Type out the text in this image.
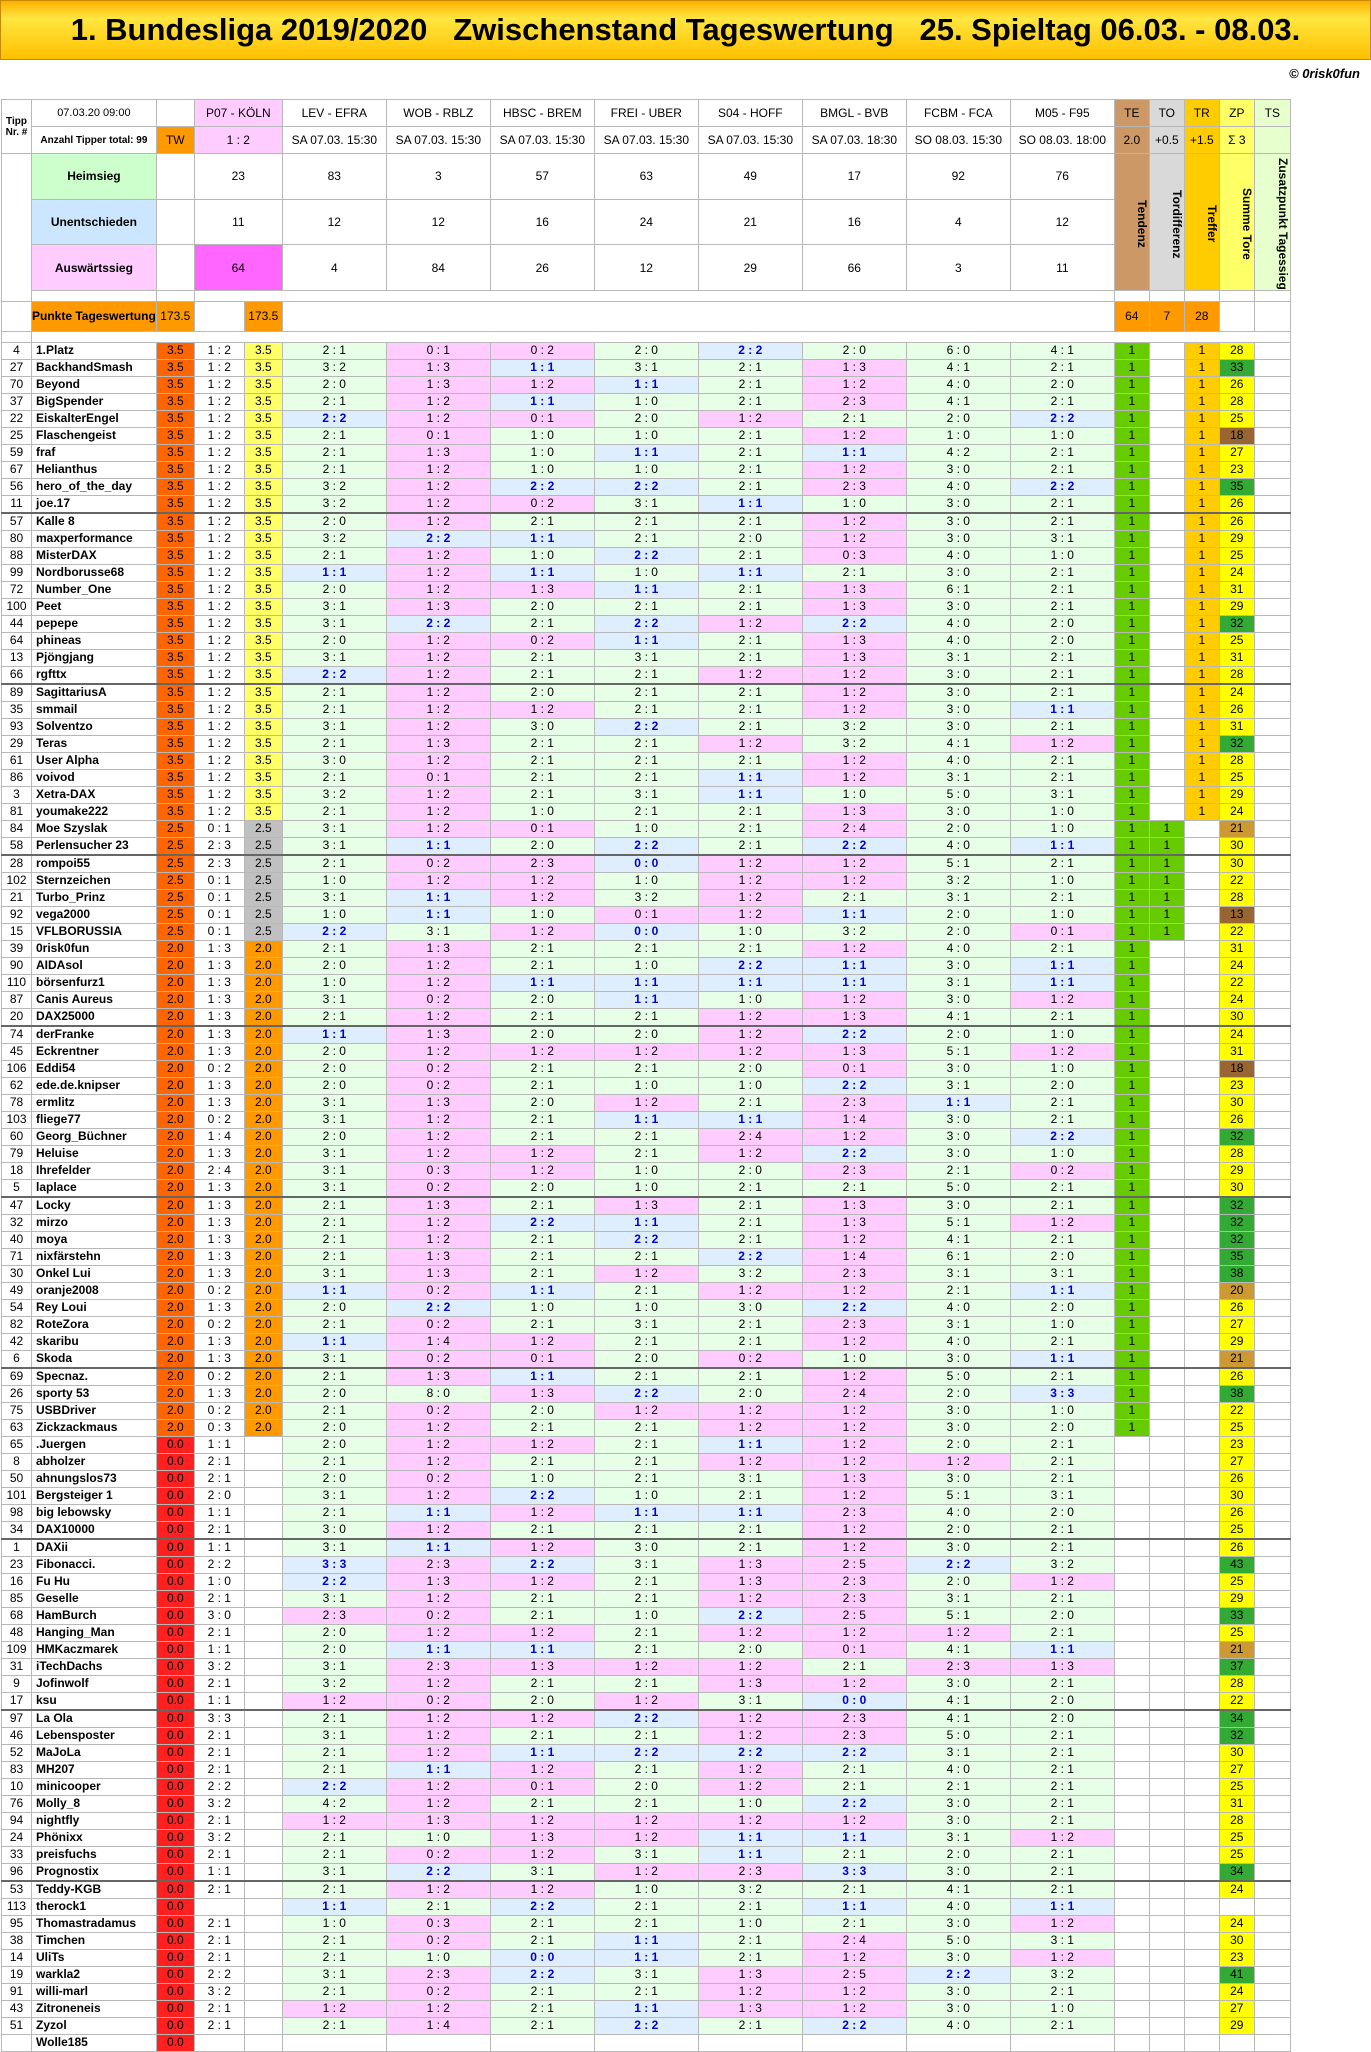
1. Bundesliga 2019/2020   Zwischenstand Tageswertung   25. Spieltag 06.03. - 08.03.
© 0risk0fun
Tipp Nr. #	07.03.20 09:00		P07 - KÖLN		LEV - EFRA	WOB - RBLZ	HBSC - BREM	FREI - UBER	S04 - HOFF	BMGL - BVB	FCBM - FCA	M05 - F95	TE	TO	TR	ZP	TS
	Anzahl Tipper total: 99	TW	1 : 2		SA 07.03. 15:30	SA 07.03. 15:30	SA 07.03. 15:30	SA 07.03. 15:30	SA 07.03. 15:30	SA 07.03. 18:30	SO 08.03. 15:30	SO 08.03. 18:00	2.0	+0.5	+1.5	Σ 3	
	Heimsieg		23		83	3	57	63	49	17	92	76	Tendenz	Tordifferenz	Treffer	Summe Tore	Zusatzpunkt Tagessieg
	Unentschieden		11		12	12	16	24	21	16	4	12					
	Auswärtssieg		64		4	84	26	12	29	66	3	11					

	Punkte Tageswertung	173.5		173.5									64	7	28		

4	1.Platz	3.5	1 : 2	3.5	2 : 1	0 : 1	0 : 2	2 : 0	2 : 2	2 : 0	6 : 0	4 : 1	1		1	28	
27	BackhandSmash	3.5	1 : 2	3.5	3 : 2	1 : 3	1 : 1	3 : 1	2 : 1	1 : 3	4 : 1	2 : 1	1		1	33	
70	Beyond	3.5	1 : 2	3.5	2 : 0	1 : 3	1 : 2	1 : 1	2 : 1	1 : 2	4 : 0	2 : 0	1		1	26	
37	BigSpender	3.5	1 : 2	3.5	2 : 1	1 : 2	1 : 1	1 : 0	2 : 1	2 : 3	4 : 1	2 : 1	1		1	28	
22	EiskalterEngel	3.5	1 : 2	3.5	2 : 2	1 : 2	0 : 1	2 : 0	1 : 2	2 : 1	2 : 0	2 : 2	1		1	25	
25	Flaschengeist	3.5	1 : 2	3.5	2 : 1	0 : 1	1 : 0	1 : 0	2 : 1	1 : 2	1 : 0	1 : 0	1		1	18	
59	fraf	3.5	1 : 2	3.5	2 : 1	1 : 3	1 : 0	1 : 1	2 : 1	1 : 1	4 : 2	2 : 1	1		1	27	
67	Helianthus	3.5	1 : 2	3.5	2 : 1	1 : 2	1 : 0	1 : 0	2 : 1	1 : 2	3 : 0	2 : 1	1		1	23	
56	hero_of_the_day	3.5	1 : 2	3.5	3 : 2	1 : 2	2 : 2	2 : 2	2 : 1	2 : 3	4 : 0	2 : 2	1		1	35	
11	joe.17	3.5	1 : 2	3.5	3 : 2	1 : 2	0 : 2	3 : 1	1 : 1	1 : 0	3 : 0	2 : 1	1		1	26	
57	Kalle 8	3.5	1 : 2	3.5	2 : 0	1 : 2	2 : 1	2 : 1	2 : 1	1 : 2	3 : 0	2 : 1	1		1	26	
80	maxperformance	3.5	1 : 2	3.5	3 : 2	2 : 2	1 : 1	2 : 1	2 : 0	1 : 2	3 : 0	3 : 1	1		1	29	
88	MisterDAX	3.5	1 : 2	3.5	2 : 1	1 : 2	1 : 0	2 : 2	2 : 1	0 : 3	4 : 0	1 : 0	1		1	25	
99	Nordborusse68	3.5	1 : 2	3.5	1 : 1	1 : 2	1 : 1	1 : 0	1 : 1	2 : 1	3 : 0	2 : 1	1		1	24	
72	Number_One	3.5	1 : 2	3.5	2 : 0	1 : 2	1 : 3	1 : 1	2 : 1	1 : 3	6 : 1	2 : 1	1		1	31	
100	Peet	3.5	1 : 2	3.5	3 : 1	1 : 3	2 : 0	2 : 1	2 : 1	1 : 3	3 : 0	2 : 1	1		1	29	
44	pepepe	3.5	1 : 2	3.5	3 : 1	2 : 2	2 : 1	2 : 2	1 : 2	2 : 2	4 : 0	2 : 0	1		1	32	
64	phineas	3.5	1 : 2	3.5	2 : 0	1 : 2	0 : 2	1 : 1	2 : 1	1 : 3	4 : 0	2 : 0	1		1	25	
13	Pjöngjang	3.5	1 : 2	3.5	3 : 1	1 : 2	2 : 1	3 : 1	2 : 1	1 : 3	3 : 1	2 : 1	1		1	31	
66	rgfttx	3.5	1 : 2	3.5	2 : 2	1 : 2	2 : 1	2 : 1	1 : 2	1 : 2	3 : 0	2 : 1	1		1	28	
89	SagittariusA	3.5	1 : 2	3.5	2 : 1	1 : 2	2 : 0	2 : 1	2 : 1	1 : 2	3 : 0	2 : 1	1		1	24	
35	smmail	3.5	1 : 2	3.5	2 : 1	1 : 2	1 : 2	2 : 1	2 : 1	1 : 2	3 : 0	1 : 1	1		1	26	
93	Solventzo	3.5	1 : 2	3.5	3 : 1	1 : 2	3 : 0	2 : 2	2 : 1	3 : 2	3 : 0	2 : 1	1		1	31	
29	Teras	3.5	1 : 2	3.5	2 : 1	1 : 3	2 : 1	2 : 1	1 : 2	3 : 2	4 : 1	1 : 2	1		1	32	
61	User Alpha	3.5	1 : 2	3.5	3 : 0	1 : 2	2 : 1	2 : 1	2 : 1	1 : 2	4 : 0	2 : 1	1		1	28	
86	voivod	3.5	1 : 2	3.5	2 : 1	0 : 1	2 : 1	2 : 1	1 : 1	1 : 2	3 : 1	2 : 1	1		1	25	
3	Xetra-DAX	3.5	1 : 2	3.5	3 : 2	1 : 2	2 : 1	3 : 1	1 : 1	1 : 0	5 : 0	3 : 1	1		1	29	
81	youmake222	3.5	1 : 2	3.5	2 : 1	1 : 2	1 : 0	2 : 1	2 : 1	1 : 3	3 : 0	1 : 0	1		1	24	
84	Moe Szyslak	2.5	0 : 1	2.5	3 : 1	1 : 2	0 : 1	1 : 0	2 : 1	2 : 4	2 : 0	1 : 0	1	1		21	
58	Perlensucher 23	2.5	2 : 3	2.5	3 : 1	1 : 1	2 : 0	2 : 2	2 : 1	2 : 2	4 : 0	1 : 1	1	1		30	
28	rompoi55	2.5	2 : 3	2.5	2 : 1	0 : 2	2 : 3	0 : 0	1 : 2	1 : 2	5 : 1	2 : 1	1	1		30	
102	Sternzeichen	2.5	0 : 1	2.5	1 : 0	1 : 2	1 : 2	1 : 0	1 : 2	1 : 2	3 : 2	1 : 0	1	1		22	
21	Turbo_Prinz	2.5	0 : 1	2.5	3 : 1	1 : 1	1 : 2	3 : 2	1 : 2	2 : 1	3 : 1	2 : 1	1	1		28	
92	vega2000	2.5	0 : 1	2.5	1 : 0	1 : 1	1 : 0	0 : 1	1 : 2	1 : 1	2 : 0	1 : 0	1	1		13	
15	VFLBORUSSIA	2.5	0 : 1	2.5	2 : 2	3 : 1	1 : 2	0 : 0	1 : 0	3 : 2	2 : 0	0 : 1	1	1		22	
39	0risk0fun	2.0	1 : 3	2.0	2 : 1	1 : 3	2 : 1	2 : 1	2 : 1	1 : 2	4 : 0	2 : 1	1			31	
90	AIDAsol	2.0	1 : 3	2.0	2 : 0	1 : 2	2 : 1	1 : 0	2 : 2	1 : 1	3 : 0	1 : 1	1			24	
110	börsenfurz1	2.0	1 : 3	2.0	1 : 0	1 : 2	1 : 1	1 : 1	1 : 1	1 : 1	3 : 1	1 : 1	1			22	
87	Canis Aureus	2.0	1 : 3	2.0	3 : 1	0 : 2	2 : 0	1 : 1	1 : 0	1 : 2	3 : 0	1 : 2	1			24	
20	DAX25000	2.0	1 : 3	2.0	2 : 1	1 : 2	2 : 1	2 : 1	1 : 2	1 : 3	4 : 1	2 : 1	1			30	
74	derFranke	2.0	1 : 3	2.0	1 : 1	1 : 3	2 : 0	2 : 0	1 : 2	2 : 2	2 : 0	1 : 0	1			24	
45	Eckrentner	2.0	1 : 3	2.0	2 : 0	1 : 2	1 : 2	1 : 2	1 : 2	1 : 3	5 : 1	1 : 2	1			31	
106	Eddi54	2.0	0 : 2	2.0	2 : 0	0 : 2	2 : 1	2 : 1	2 : 0	0 : 1	3 : 0	1 : 0	1			18	
62	ede.de.knipser	2.0	1 : 3	2.0	2 : 0	0 : 2	2 : 1	1 : 0	1 : 0	2 : 2	3 : 1	2 : 0	1			23	
78	ermlitz	2.0	1 : 3	2.0	3 : 1	1 : 3	2 : 0	1 : 2	2 : 1	2 : 3	1 : 1	2 : 1	1			30	
103	fliege77	2.0	0 : 2	2.0	3 : 1	1 : 2	2 : 1	1 : 1	1 : 1	1 : 4	3 : 0	2 : 1	1			26	
60	Georg_Büchner	2.0	1 : 4	2.0	2 : 0	1 : 2	2 : 1	2 : 1	2 : 4	1 : 2	3 : 0	2 : 2	1			32	
79	Heluise	2.0	1 : 3	2.0	3 : 1	1 : 2	1 : 2	2 : 1	1 : 2	2 : 2	3 : 0	1 : 0	1			28	
18	Ihrefelder	2.0	2 : 4	2.0	3 : 1	0 : 3	1 : 2	1 : 0	2 : 0	2 : 3	2 : 1	0 : 2	1			29	
5	laplace	2.0	1 : 3	2.0	3 : 1	0 : 2	2 : 0	1 : 0	2 : 1	2 : 1	5 : 0	2 : 1	1			30	
47	Locky	2.0	1 : 3	2.0	2 : 1	1 : 3	2 : 1	1 : 3	2 : 1	1 : 3	3 : 0	2 : 1	1			32	
32	mirzo	2.0	1 : 3	2.0	2 : 1	1 : 2	2 : 2	1 : 1	2 : 1	1 : 3	5 : 1	1 : 2	1			32	
40	moya	2.0	1 : 3	2.0	2 : 1	1 : 2	2 : 1	2 : 2	2 : 1	1 : 2	4 : 1	2 : 1	1			32	
71	nixfärstehn	2.0	1 : 3	2.0	2 : 1	1 : 3	2 : 1	2 : 1	2 : 2	1 : 4	6 : 1	2 : 0	1			35	
30	Onkel Lui	2.0	1 : 3	2.0	3 : 1	1 : 3	2 : 1	1 : 2	3 : 2	2 : 3	3 : 1	3 : 1	1			38	
49	oranje2008	2.0	0 : 2	2.0	1 : 1	0 : 2	1 : 1	2 : 1	1 : 2	1 : 2	2 : 1	1 : 1	1			20	
54	Rey Loui	2.0	1 : 3	2.0	2 : 0	2 : 2	1 : 0	1 : 0	3 : 0	2 : 2	4 : 0	2 : 0	1			26	
82	RoteZora	2.0	0 : 2	2.0	2 : 1	0 : 2	2 : 1	3 : 1	2 : 1	2 : 3	3 : 1	1 : 0	1			27	
42	skaribu	2.0	1 : 3	2.0	1 : 1	1 : 4	1 : 2	2 : 1	2 : 1	1 : 2	4 : 0	2 : 1	1			29	
6	Skoda	2.0	1 : 3	2.0	3 : 1	0 : 2	0 : 1	2 : 0	0 : 2	1 : 0	3 : 0	1 : 1	1			21	
69	Specnaz.	2.0	0 : 2	2.0	2 : 1	1 : 3	1 : 1	2 : 1	2 : 1	1 : 2	5 : 0	2 : 1	1			26	
26	sporty 53	2.0	1 : 3	2.0	2 : 0	8 : 0	1 : 3	2 : 2	2 : 0	2 : 4	2 : 0	3 : 3	1			38	
75	USBDriver	2.0	0 : 2	2.0	2 : 1	0 : 2	2 : 0	1 : 2	1 : 2	1 : 2	3 : 0	1 : 0	1			22	
63	Zickzackmaus	2.0	0 : 3	2.0	2 : 0	1 : 2	2 : 1	2 : 1	1 : 2	1 : 2	3 : 0	2 : 0	1			25	
65	.Juergen	0.0	1 : 1		2 : 0	1 : 2	1 : 2	2 : 1	1 : 1	1 : 2	2 : 0	2 : 1				23	
8	abholzer	0.0	2 : 1		2 : 1	1 : 2	2 : 1	2 : 1	1 : 2	1 : 2	1 : 2	2 : 1				27	
50	ahnungslos73	0.0	2 : 1		2 : 0	0 : 2	1 : 0	2 : 1	3 : 1	1 : 3	3 : 0	2 : 1				26	
101	Bergsteiger 1	0.0	2 : 0		3 : 1	1 : 2	2 : 2	1 : 0	2 : 1	1 : 2	5 : 1	3 : 1				30	
98	big lebowsky	0.0	1 : 1		2 : 1	1 : 1	1 : 2	1 : 1	1 : 1	2 : 3	4 : 0	2 : 0				26	
34	DAX10000	0.0	2 : 1		3 : 0	1 : 2	2 : 1	2 : 1	2 : 1	1 : 2	2 : 0	2 : 1				25	
1	DAXii	0.0	1 : 1		3 : 1	1 : 1	1 : 2	3 : 0	2 : 1	1 : 2	3 : 0	2 : 1				26	
23	Fibonacci.	0.0	2 : 2		3 : 3	2 : 3	2 : 2	3 : 1	1 : 3	2 : 5	2 : 2	3 : 2				43	
16	Fu Hu	0.0	1 : 0		2 : 2	1 : 3	1 : 2	2 : 1	1 : 3	2 : 3	2 : 0	1 : 2				25	
85	Geselle	0.0	2 : 1		3 : 1	1 : 2	2 : 1	2 : 1	1 : 2	2 : 3	3 : 1	2 : 1				29	
68	HamBurch	0.0	3 : 0		2 : 3	0 : 2	2 : 1	1 : 0	2 : 2	2 : 5	5 : 1	2 : 0				33	
48	Hanging_Man	0.0	2 : 1		2 : 0	1 : 2	1 : 2	2 : 1	1 : 2	1 : 2	1 : 2	2 : 1				25	
109	HMKaczmarek	0.0	1 : 1		2 : 0	1 : 1	1 : 1	2 : 1	2 : 0	0 : 1	4 : 1	1 : 1				21	
31	iTechDachs	0.0	3 : 2		3 : 1	2 : 3	1 : 3	1 : 2	1 : 2	2 : 1	2 : 3	1 : 3				37	
9	Jofinwolf	0.0	2 : 1		3 : 2	1 : 2	2 : 1	2 : 1	1 : 3	1 : 2	3 : 0	2 : 1				28	
17	ksu	0.0	1 : 1		1 : 2	0 : 2	2 : 0	1 : 2	3 : 1	0 : 0	4 : 1	2 : 0				22	
97	La Ola	0.0	3 : 3		2 : 1	1 : 2	1 : 2	2 : 2	1 : 2	2 : 3	4 : 1	2 : 0				34	
46	Lebensposter	0.0	2 : 1		3 : 1	1 : 2	2 : 1	2 : 1	1 : 2	2 : 3	5 : 0	2 : 1				32	
52	MaJoLa	0.0	2 : 1		2 : 1	1 : 2	1 : 1	2 : 2	2 : 2	2 : 2	3 : 1	2 : 1				30	
83	MH207	0.0	2 : 1		2 : 1	1 : 1	1 : 2	2 : 1	1 : 2	2 : 1	4 : 0	2 : 1				27	
10	minicooper	0.0	2 : 2		2 : 2	1 : 2	0 : 1	2 : 0	1 : 2	2 : 1	2 : 1	2 : 1				25	
76	Molly_8	0.0	3 : 2		4 : 2	1 : 2	2 : 1	2 : 1	1 : 0	2 : 2	3 : 0	2 : 1				31	
94	nightfly	0.0	2 : 1		1 : 2	1 : 3	1 : 2	1 : 2	1 : 2	1 : 2	3 : 0	2 : 1				28	
24	Phönixx	0.0	3 : 2		2 : 1	1 : 0	1 : 3	1 : 2	1 : 1	1 : 1	3 : 1	1 : 2				25	
33	preisfuchs	0.0	2 : 1		2 : 1	0 : 2	1 : 2	3 : 1	1 : 1	2 : 1	2 : 0	2 : 1				25	
96	Prognostix	0.0	1 : 1		3 : 1	2 : 2	3 : 1	1 : 2	2 : 3	3 : 3	3 : 0	2 : 1				34	
53	Teddy-KGB	0.0	2 : 1		2 : 1	1 : 2	1 : 2	1 : 0	3 : 2	2 : 1	4 : 1	2 : 1				24	
113	therock1	0.0			1 : 1	2 : 1	2 : 2	2 : 1	2 : 1	1 : 1	4 : 0	1 : 1					
95	Thomastradamus	0.0	2 : 1		1 : 0	0 : 3	2 : 1	2 : 1	1 : 0	2 : 1	3 : 0	1 : 2				24	
38	Timchen	0.0	2 : 1		2 : 1	0 : 2	2 : 1	1 : 1	2 : 1	2 : 4	5 : 0	3 : 1				30	
14	UliTs	0.0	2 : 1		2 : 1	1 : 0	0 : 0	1 : 1	2 : 1	1 : 2	3 : 0	1 : 2				23	
19	warkla2	0.0	2 : 2		3 : 1	2 : 3	2 : 2	3 : 1	1 : 3	2 : 5	2 : 2	3 : 2				41	
91	willi-marl	0.0	3 : 2		2 : 1	0 : 2	2 : 1	2 : 1	1 : 2	1 : 2	3 : 0	2 : 1				24	
43	Zitroneneis	0.0	2 : 1		1 : 2	1 : 2	2 : 1	1 : 1	1 : 3	1 : 2	3 : 0	1 : 0				27	
51	Zyzol	0.0	2 : 1		2 : 1	1 : 4	2 : 1	2 : 2	2 : 1	2 : 2	4 : 0	2 : 1				29	
	Wolle185	0.0															
